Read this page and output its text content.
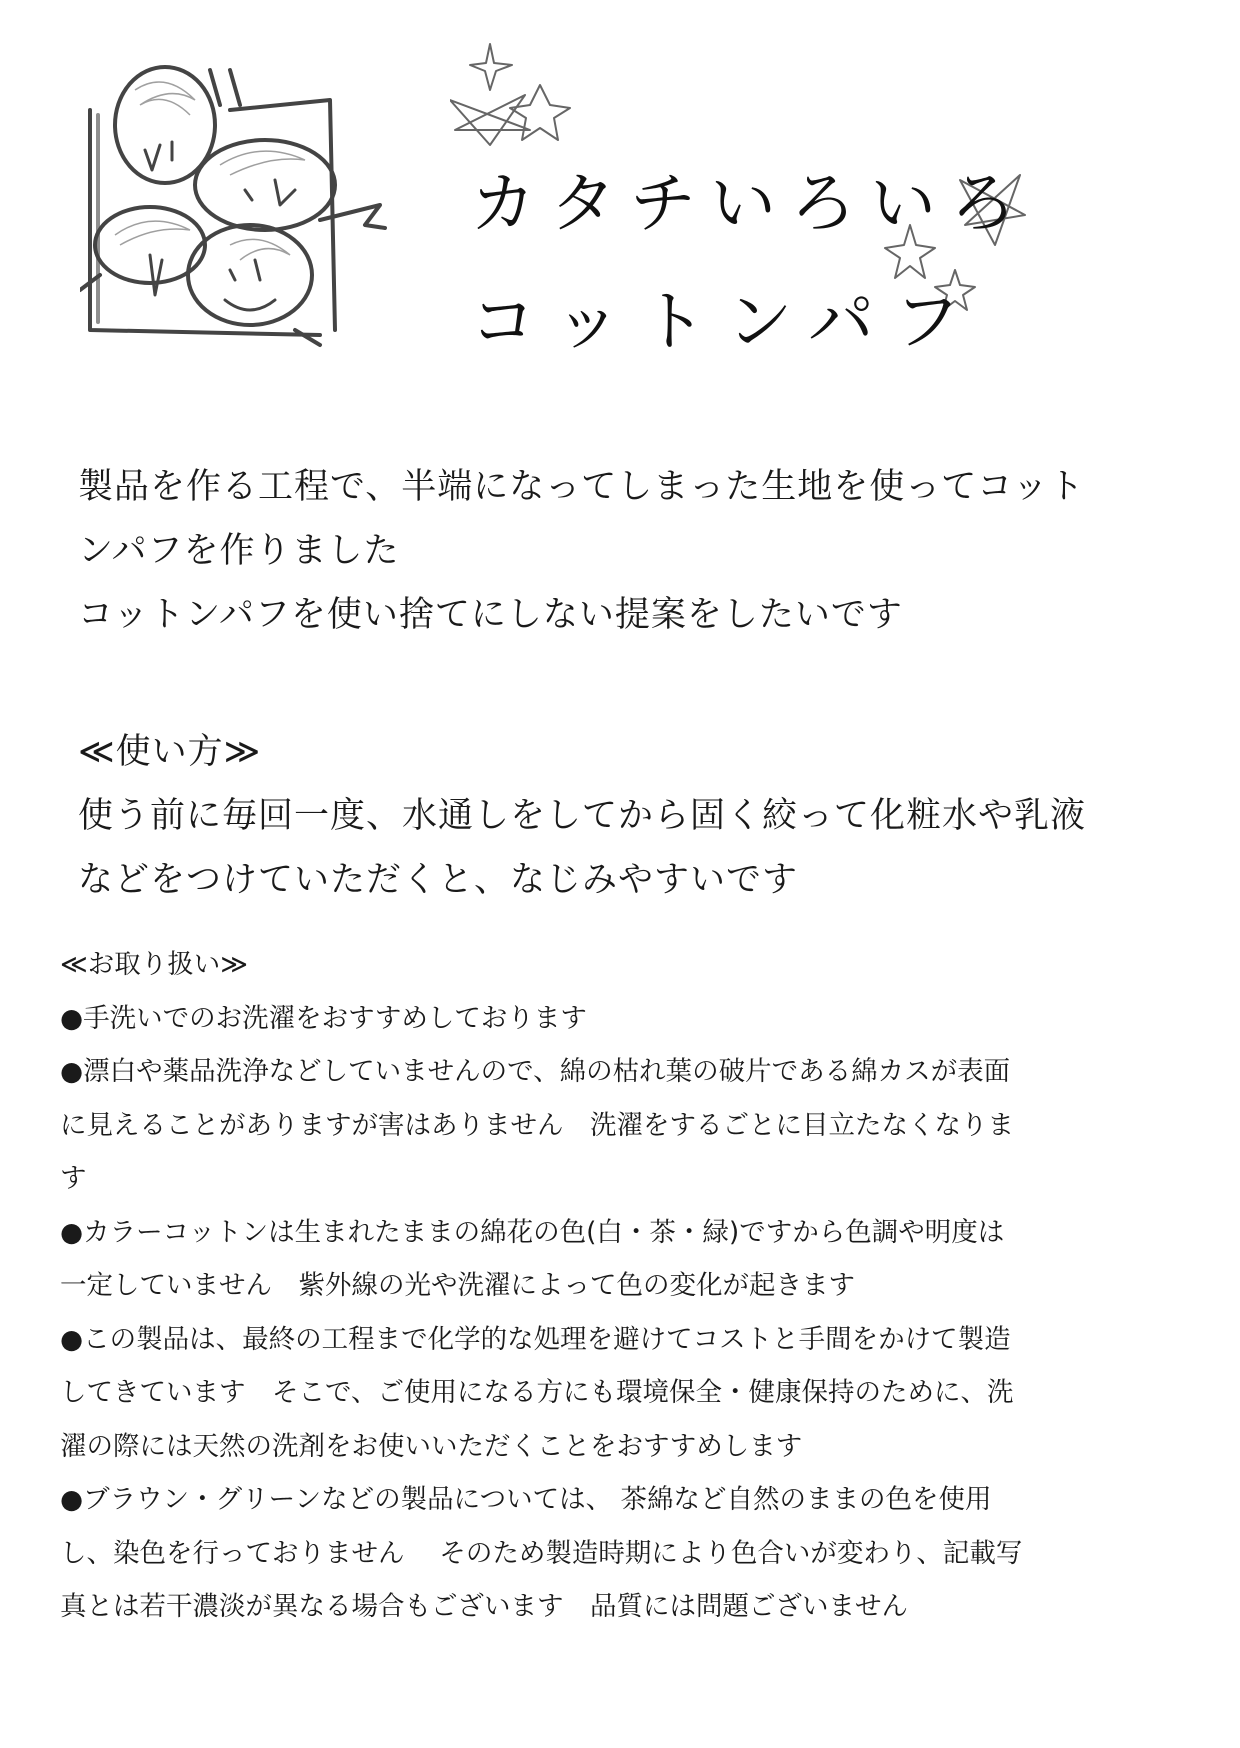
カタチいろいろ
コットンパフ

製品を作る工程で、半端になってしまった生地を使ってコット

ンパフを作りました

コットンパフを使い捨てにしない提案をしたいです

≪使い方≫

使う前に毎回一度、水通しをしてから固く絞って化粧水や乳液

などをつけていただくと、なじみやすいです

≪お取り扱い≫

●手洗いでのお洗濯をおすすめしております

●漂白や薬品洗浄などしていませんので、綿の枯れ葉の破片である綿カスが表面

に見えることがありますが害はありません　洗濯をするごとに目立たなくなりま

す

●カラーコットンは生まれたままの綿花の色(白・茶・緑)ですから色調や明度は

一定していません　紫外線の光や洗濯によって色の変化が起きます

●この製品は、最終の工程まで化学的な処理を避けてコストと手間をかけて製造

してきています　そこで、ご使用になる方にも環境保全・健康保持のために、洗

濯の際には天然の洗剤をお使いいただくことをおすすめします

●ブラウン・グリーンなどの製品については、 茶綿など自然のままの色を使用

し、染色を行っておりません　 そのため製造時期により色合いが変わり、記載写

真とは若干濃淡が異なる場合もございます　品質には問題ございません
